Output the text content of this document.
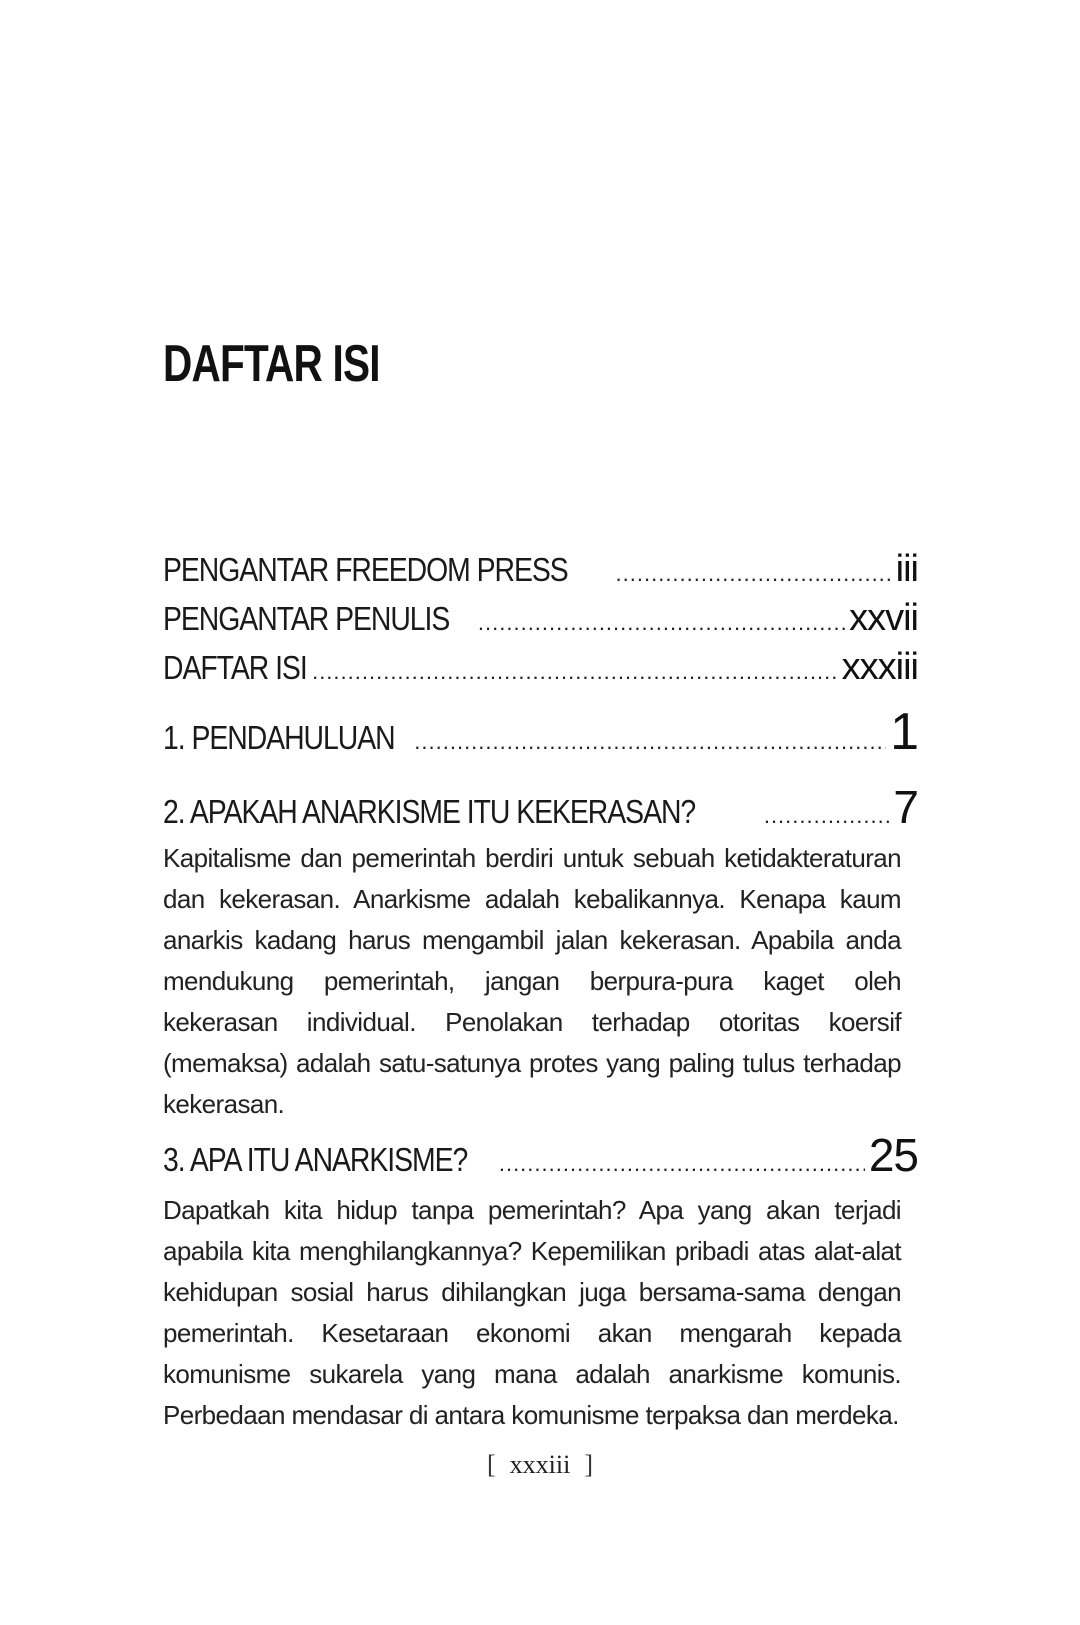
DAFTAR ISI
PENGANTAR FREEDOM PRESS .....	iii
PENGANTAR PENULIS .....	xxvii
DAFTAR ISI .....	xxxiii
1. PENDAHULUAN .....	1
2. APAKAH ANARKISME ITU KEKERASAN? .....	7

Kapitalisme dan pemerintah berdiri untuk sebuah ketidakteraturan dan kekerasan. Anarkisme adalah kebalikannya. Kenapa kaum anarkis kadang harus mengambil jalan kekerasan. Apabila anda mendukung pemerintah, jangan berpura-pura kaget oleh kekerasan individual. Penolakan terhadap otoritas koersif (memaksa) adalah satu-satunya protes yang paling tulus terhadap kekerasan.

3. APA ITU ANARKISME? .....	25

Dapatkah kita hidup tanpa pemerintah? Apa yang akan terjadi apabila kita menghilangkannya? Kepemilikan pribadi atas alat-alat kehidupan sosial harus dihilangkan juga bersama-sama dengan pemerintah. Kesetaraan ekonomi akan mengarah kepada komunisme sukarela yang mana adalah anarkisme komunis. Perbedaan mendasar di antara komunisme terpaksa dan merdeka.

[ xxxiii ]
